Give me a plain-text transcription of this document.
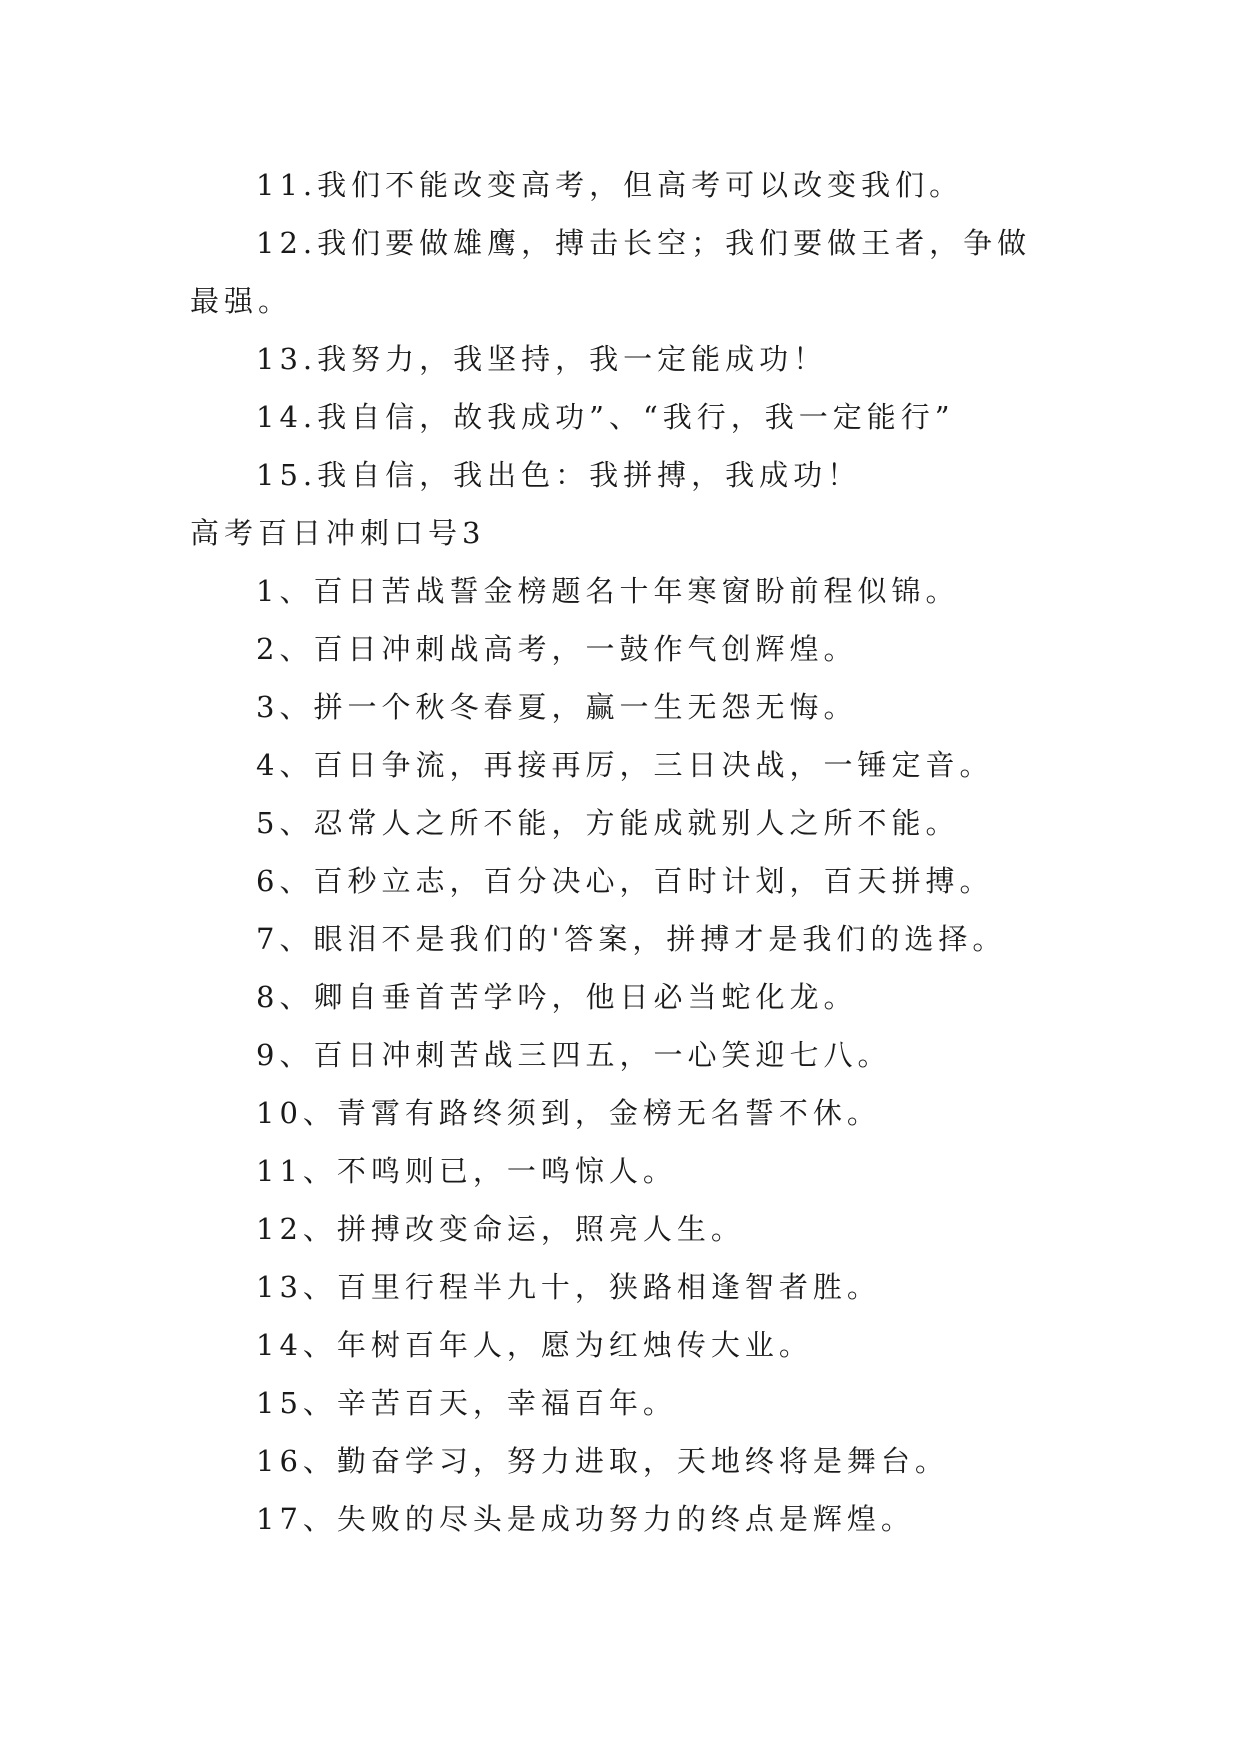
11.我们不能改变高考，但高考可以改变我们。

12.我们要做雄鹰，搏击长空；我们要做王者，争做最强。

13.我努力，我坚持，我一定能成功！

14.我自信，故我成功”、“我行，我一定能行”

15.我自信，我出色：我拼搏，我成功！

高考百日冲刺口号3

1、百日苦战誓金榜题名十年寒窗盼前程似锦。

2、百日冲刺战高考，一鼓作气创辉煌。

3、拼一个秋冬春夏，赢一生无怨无悔。

4、百日争流，再接再厉，三日决战，一锤定音。

5、忍常人之所不能，方能成就别人之所不能。

6、百秒立志，百分决心，百时计划，百天拼搏。

7、眼泪不是我们的'答案，拼搏才是我们的选择。

8、卿自垂首苦学吟，他日必当蛇化龙。

9、百日冲刺苦战三四五，一心笑迎七八。

10、青霄有路终须到，金榜无名誓不休。

11、不鸣则已，一鸣惊人。

12、拼搏改变命运，照亮人生。

13、百里行程半九十，狭路相逢智者胜。

14、年树百年人，愿为红烛传大业。

15、辛苦百天，幸福百年。

16、勤奋学习，努力进取，天地终将是舞台。

17、失败的尽头是成功努力的终点是辉煌。
